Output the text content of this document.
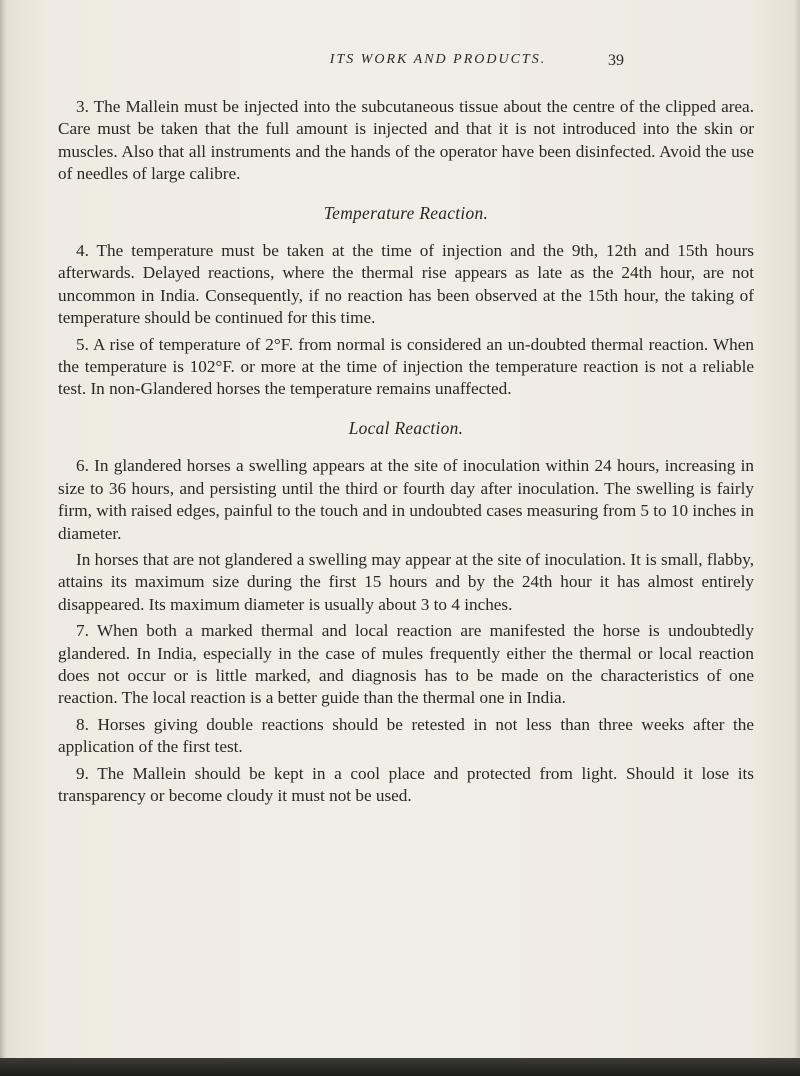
ITS WORK AND PRODUCTS.	39

3. The Mallein must be injected into the subcutaneous tissue about the centre of the clipped area. Care must be taken that the full amount is injected and that it is not introduced into the skin or muscles. Also that all instruments and the hands of the operator have been disinfected. Avoid the use of needles of large calibre.

Temperature Reaction.

4. The temperature must be taken at the time of injection and the 9th, 12th and 15th hours afterwards. Delayed reactions, where the thermal rise appears as late as the 24th hour, are not uncommon in India. Consequently, if no reaction has been observed at the 15th hour, the taking of temperature should be continued for this time.

5. A rise of temperature of 2°F. from normal is considered an un-doubted thermal reaction. When the temperature is 102°F. or more at the time of injection the temperature reaction is not a reliable test. In non-Glandered horses the temperature remains unaffected.

Local Reaction.

6. In glandered horses a swelling appears at the site of inoculation within 24 hours, increasing in size to 36 hours, and persisting until the third or fourth day after inoculation. The swelling is fairly firm, with raised edges, painful to the touch and in undoubted cases measuring from 5 to 10 inches in diameter.

In horses that are not glandered a swelling may appear at the site of inoculation. It is small, flabby, attains its maximum size during the first 15 hours and by the 24th hour it has almost entirely disappeared. Its maximum diameter is usually about 3 to 4 inches.

7. When both a marked thermal and local reaction are manifested the horse is undoubtedly glandered. In India, especially in the case of mules frequently either the thermal or local reaction does not occur or is little marked, and diagnosis has to be made on the characteristics of one reaction. The local reaction is a better guide than the thermal one in India.

8. Horses giving double reactions should be retested in not less than three weeks after the application of the first test.

9. The Mallein should be kept in a cool place and protected from light. Should it lose its transparency or become cloudy it must not be used.
